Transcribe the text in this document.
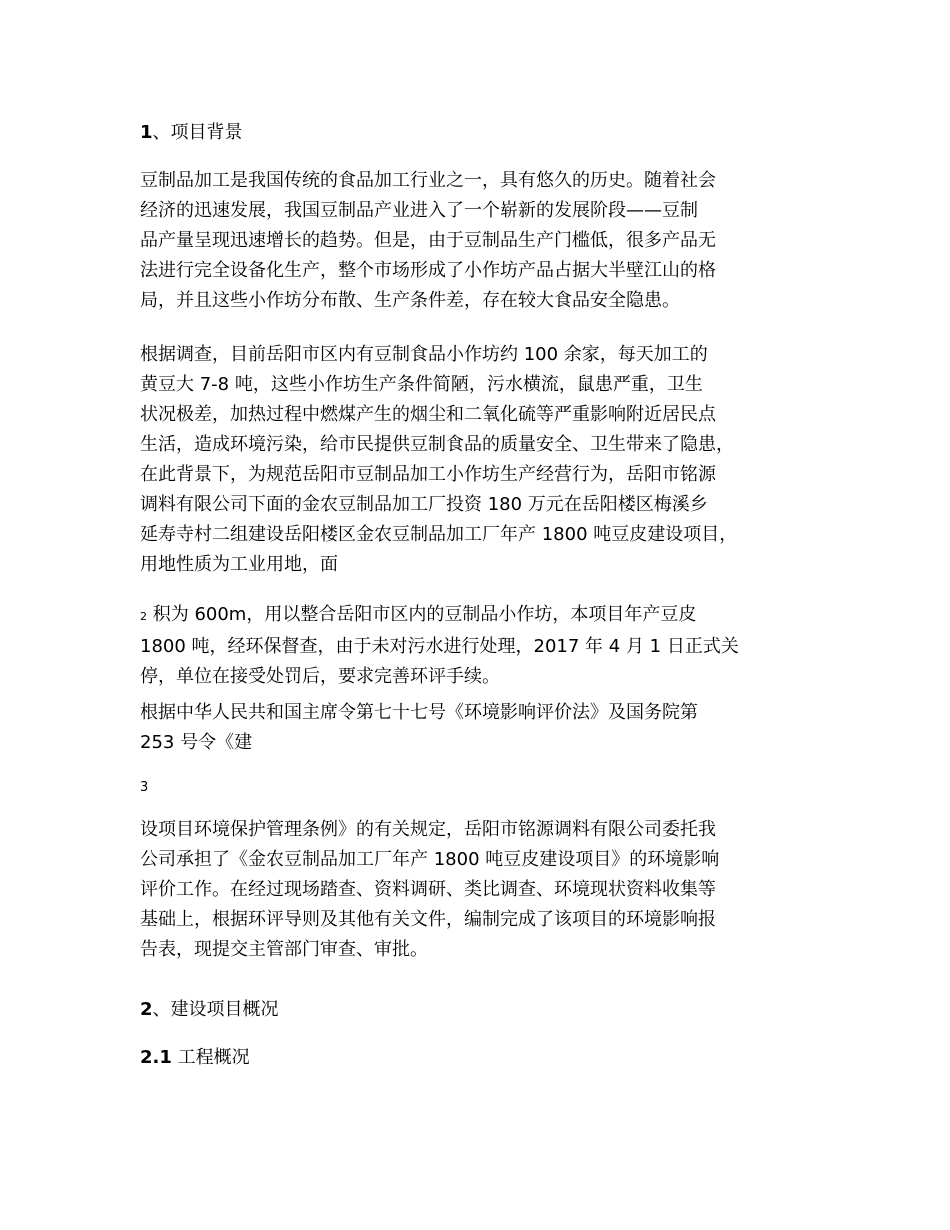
1、项目背景
豆制品加工是我国传统的食品加工行业之一，具有悠久的历史。随着社会
经济的迅速发展，我国豆制品产业进入了一个崭新的发展阶段——豆制
品产量呈现迅速增长的趋势。但是，由于豆制品生产门槛低，很多产品无
法进行完全设备化生产，整个市场形成了小作坊产品占据大半壁江山的格
局，并且这些小作坊分布散、生产条件差，存在较大食品安全隐患。
根据调查，目前岳阳市区内有豆制食品小作坊约 100 余家，每天加工的
黄豆大 7-8 吨，这些小作坊生产条件简陋，污水横流，鼠患严重，卫生
状况极差，加热过程中燃煤产生的烟尘和二氧化硫等严重影响附近居民点
生活，造成环境污染，给市民提供豆制食品的质量安全、卫生带来了隐患，
在此背景下，为规范岳阳市豆制品加工小作坊生产经营行为，岳阳市铭源
调料有限公司下面的金农豆制品加工厂投资 180 万元在岳阳楼区梅溪乡
延寿寺村二组建设岳阳楼区金农豆制品加工厂年产 1800 吨豆皮建设项目，
用地性质为工业用地，面
2 积为 600m，用以整合岳阳市区内的豆制品小作坊，本项目年产豆皮
1800 吨，经环保督查，由于未对污水进行处理，2017 年 4 月 1 日正式关
停，单位在接受处罚后，要求完善环评手续。
根据中华人民共和国主席令第七十七号《环境影响评价法》及国务院第
253 号令《建
3
设项目环境保护管理条例》的有关规定，岳阳市铭源调料有限公司委托我
公司承担了《金农豆制品加工厂年产 1800 吨豆皮建设项目》的环境影响
评价工作。在经过现场踏查、资料调研、类比调查、环境现状资料收集等
基础上，根据环评导则及其他有关文件，编制完成了该项目的环境影响报
告表，现提交主管部门审查、审批。
2、建设项目概况
2.1 工程概况
